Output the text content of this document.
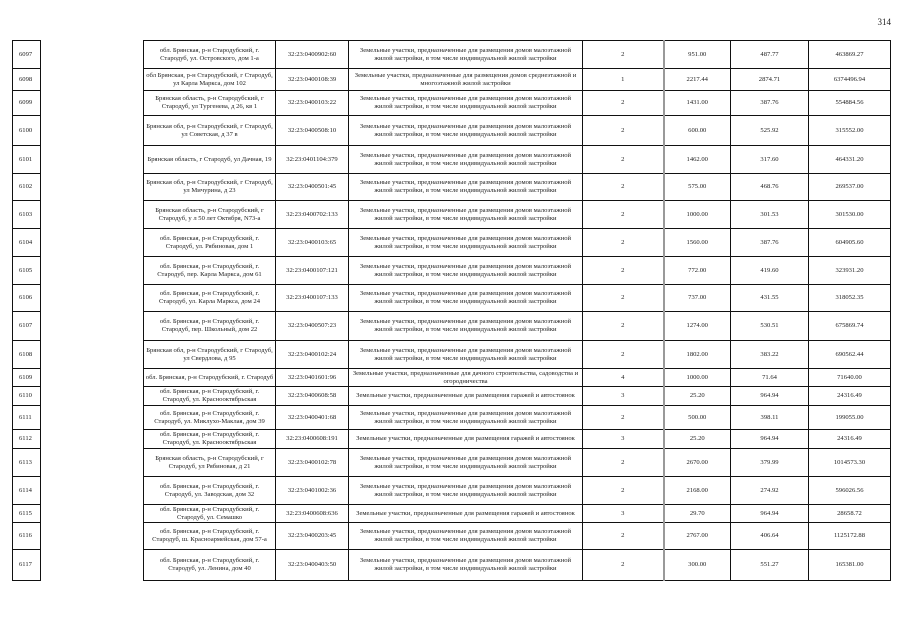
314
6097		обл. Брянская, р-н Стародубский, г. Стародуб, ул. Островского, дом 1-а	32:23:0400902:60	Земельные участки, предназначенные для размещения домов малоэтажной жилой застройки, в том числе индивидуальной жилой застройки	2	951.00	487.77	463869.27
6098		обл Брянская, р-н Стародубский, г Стародуб, ул Карла Маркса, дом 102	32:23:0400108:39	Земельные участки, предназначенные для размещения домов среднеэтажной и многоэтажной жилой застройки	1	2217.44	2874.71	6374496.94
6099		Брянская область, р-н Стародубский, г Стародуб, ул Тургенева, д 26, кв 1	32:23:0400103:22	Земельные участки, предназначенные для размещения домов малоэтажной жилой застройки, в том числе индивидуальной жилой застройки	2	1431.00	387.76	554884.56
6100		Брянская обл, р-н Стародубский, г Стародуб, ул Советская, д 37 в	32:23:0400508:10	Земельные участки, предназначенные для размещения домов малоэтажной жилой застройки, в том числе индивидуальной жилой застройки	2	600.00	525.92	315552.00
6101		Брянская область, г Стародуб, ул Дачная, 19	32:23:0401104:379	Земельные участки, предназначенные для размещения домов малоэтажной жилой застройки, в том числе индивидуальной жилой застройки	2	1462.00	317.60	464331.20
6102		Брянская обл, р-н Стародубский, г Стародуб, ул Мичурина, д 23	32:23:0400501:45	Земельные участки, предназначенные для размещения домов малоэтажной жилой застройки, в том числе индивидуальной жилой застройки	2	575.00	468.76	269537.00
6103		Брянская область, р-н Стародубский, г Стародуб, у л 50 лет Октября, N73-а	32:23:0400702:133	Земельные участки, предназначенные для размещения домов малоэтажной жилой застройки, в том числе индивидуальной жилой застройки	2	1000.00	301.53	301530.00
6104		обл. Брянская, р-н Стародубский, г. Стародуб, ул. Рябиновая, дом 1	32:23:0400103:65	Земельные участки, предназначенные для размещения домов малоэтажной жилой застройки, в том числе индивидуальной жилой застройки	2	1560.00	387.76	604905.60
6105		обл. Брянская, р-н Стародубский, г. Стародуб, пер. Карла Маркса, дом 61	32:23:0400107:121	Земельные участки, предназначенные для размещения домов малоэтажной жилой застройки, в том числе индивидуальной жилой застройки	2	772.00	419.60	323931.20
6106		обл. Брянская, р-н Стародубский, г. Стародуб, ул. Карла Маркса, дом 24	32:23:0400107:133	Земельные участки, предназначенные для размещения домов малоэтажной жилой застройки, в том числе индивидуальной жилой застройки	2	737.00	431.55	318052.35
6107		обл. Брянская, р-н Стародубский, г. Стародуб, пер. Школьный, дом 22	32:23:0400507:23	Земельные участки, предназначенные для размещения домов малоэтажной жилой застройки, в том числе индивидуальной жилой застройки	2	1274.00	530.51	675869.74
6108		Брянская обл, р-н Стародубский, г Стародуб, ул Свердлова, д 95	32:23:0400102:24	Земельные участки, предназначенные для размещения домов малоэтажной жилой застройки, в том числе индивидуальной жилой застройки	2	1802.00	383.22	690562.44
6109		обл. Брянская, р-н Стародубский, г. Стародуб	32:23:0401601:96	Земельные участки, предназначенные для дачного строительства, садоводства и огородничества	4	1000.00	71.64	71640.00
6110		обл. Брянская, р-н Стародубский, г. Стародуб, ул. Краснооктябрьская	32:23:0400608:58	Земельные участки, предназначенные для размещения гаражей и автостоянок	3	25.20	964.94	24316.49
6111		обл. Брянская, р-н Стародубский, г. Стародуб, ул. Миклухо-Маклая, дом 39	32:23:0400401:68	Земельные участки, предназначенные для размещения домов малоэтажной жилой застройки, в том числе индивидуальной жилой застройки	2	500.00	398.11	199055.00
6112		обл. Брянская, р-н Стародубский, г. Стародуб, ул. Краснооктябрьская	32:23:0400608:191	Земельные участки, предназначенные для размещения гаражей и автостоянок	3	25.20	964.94	24316.49
6113		Брянская область, р-н Стародубский, г Стародуб, ул Рябиновая, д 21	32:23:0400102:78	Земельные участки, предназначенные для размещения домов малоэтажной жилой застройки, в том числе индивидуальной жилой застройки	2	2670.00	379.99	1014573.30
6114		обл. Брянская, р-н Стародубский, г. Стародуб, ул. Заводская, дом 32	32:23:0401002:36	Земельные участки, предназначенные для размещения домов малоэтажной жилой застройки, в том числе индивидуальной жилой застройки	2	2168.00	274.92	596026.56
6115		обл. Брянская, р-н Стародубский, г. Стародуб, ул. Семашко	32:23:0400608:636	Земельные участки, предназначенные для размещения гаражей и автостоянок	3	29.70	964.94	28658.72
6116		обл. Брянская, р-н Стародубский, г. Стародуб, ш. Красноармейская, дом 57-а	32:23:0400203:45	Земельные участки, предназначенные для размещения домов малоэтажной жилой застройки, в том числе индивидуальной жилой застройки	2	2767.00	406.64	1125172.88
6117		обл. Брянская, р-н Стародубский, г. Стародуб, ул. Ленина, дом 40	32:23:0400403:50	Земельные участки, предназначенные для размещения домов малоэтажной жилой застройки, в том числе индивидуальной жилой застройки	2	300.00	551.27	165381.00
